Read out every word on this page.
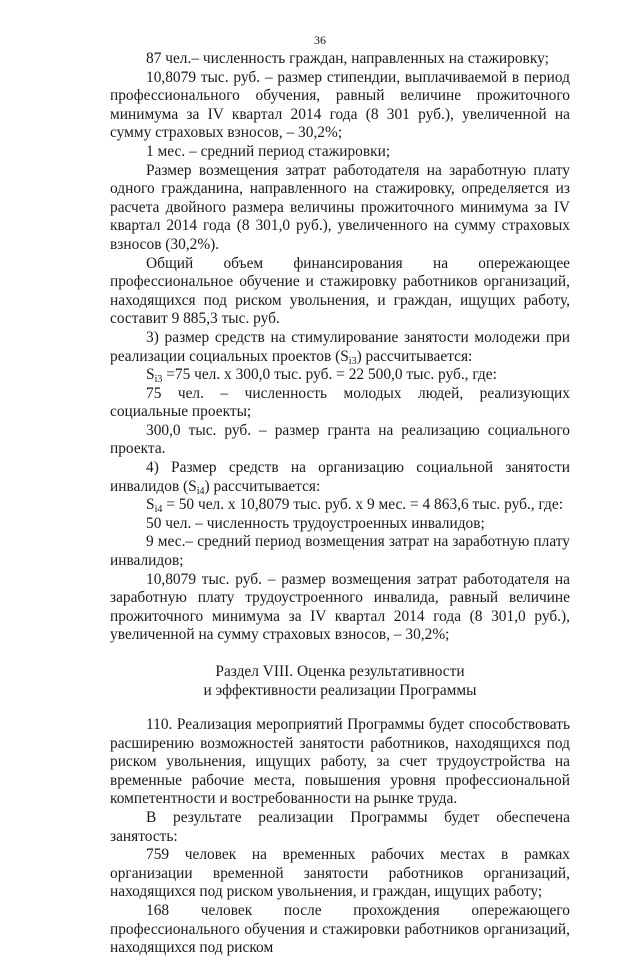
36

87 чел.– численность граждан, направленных на стажировку;

10,8079 тыс. руб. – размер стипендии, выплачиваемой в период профессионального обучения, равный величине прожиточного минимума за IV квартал 2014 года (8 301 руб.), увеличенной на сумму страховых взносов, – 30,2%;

1 мес. – средний период стажировки;

Размер возмещения затрат работодателя на заработную плату одного гражданина, направленного на стажировку, определяется из расчета двойного размера величины прожиточного минимума за IV квартал 2014 года (8 301,0 руб.), увеличенного на сумму страховых взносов (30,2%).

Общий объем финансирования на опережающее профессиональное обучение и стажировку работников организаций, находящихся под риском увольнения, и граждан, ищущих работу, составит 9 885,3 тыс. руб.

3) размер средств на стимулирование занятости молодежи при реализации социальных проектов $(S_{i3})$ рассчитывается:

$S_{i3} =75$ чел. х 300,0 тыс. руб. = 22 500,0 тыс. руб., где:

75 чел. – численность молодых людей, реализующих социальные проекты;

300,0 тыс. руб. – размер гранта на реализацию социального проекта.

4) Размер средств на организацию социальной занятости инвалидов $(S_{i4})$ рассчитывается:

$S_{i4} = 50$ чел. х 10,8079 тыс. руб. х 9 мес. = 4 863,6 тыс. руб., где:

50 чел. – численность трудоустроенных инвалидов;

9 мес.– средний период возмещения затрат на заработную плату инвалидов;

10,8079 тыс. руб. – размер возмещения затрат работодателя на заработную плату трудоустроенного инвалида, равный величине прожиточного минимума за IV квартал 2014 года (8 301,0 руб.), увеличенной на сумму страховых взносов, – 30,2%;

Раздел VIII. Оценка результативности
и эффективности реализации Программы

110. Реализация мероприятий Программы будет способствовать расширению возможностей занятости работников, находящихся под риском увольнения, ищущих работу, за счет трудоустройства на временные рабочие места, повышения уровня профессиональной компетентности и востребованности на рынке труда.

В результате реализации Программы будет обеспечена занятость:

759 человек на временных рабочих местах в рамках организации временной занятости работников организаций, находящихся под риском увольнения, и граждан, ищущих работу;

168 человек после прохождения опережающего профессионального обучения и стажировки работников организаций, находящихся под риском
